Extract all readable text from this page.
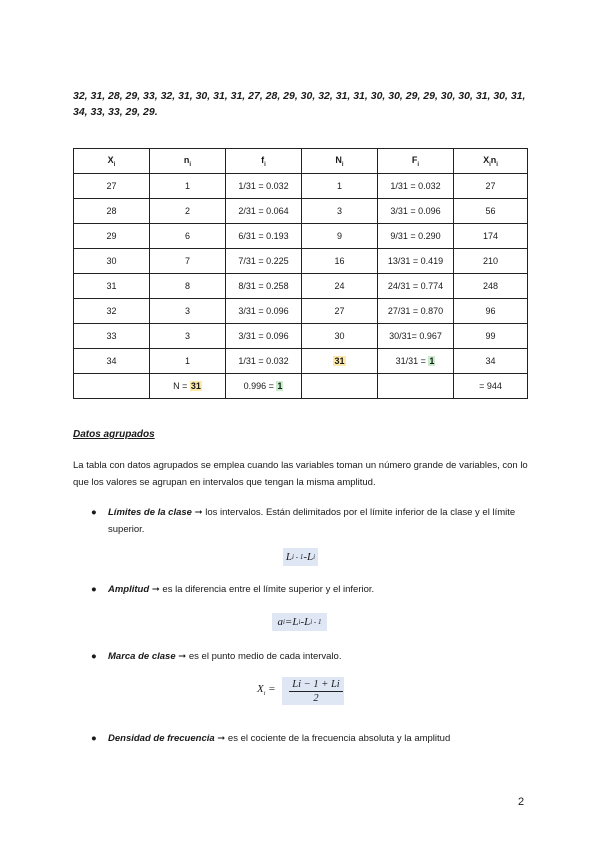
32, 31, 28, 29, 33, 32, 31, 30, 31, 31, 27, 28, 29, 30, 32, 31, 31, 30, 30, 29, 29, 30, 30, 31, 30, 31, 34, 33, 33, 29, 29.
$X_i$	$n_i$	$f_i$	$N_i$	$F_i$	$X_in_i$
27	1	1/31 = 0.032	1	1/31 = 0.032	27
28	2	2/31 = 0.064	3	3/31 = 0.096	56
29	6	6/31 = 0.193	9	9/31 = 0.290	174
30	7	7/31 = 0.225	16	13/31 = 0.419	210
31	8	8/31 = 0.258	24	24/31 = 0.774	248
32	3	3/31 = 0.096	27	27/31 = 0.870	96
33	3	3/31 = 0.096	30	30/31= 0.967	99
34	1	1/31 = 0.032	31	31/31 = 1	34
	N = 31	0.996 = 1			= 944
Datos agrupados
La tabla con datos agrupados se emplea cuando las variables toman un número grande de variables, con lo que los valores se agrupan en intervalos que tengan la misma amplitud.
● Límites de la clase ➞ los intervalos. Están delimitados por el límite inferior de la clase y el límite superior.
L i - 1 - L i
● Amplitud ➞ es la diferencia entre el límite superior y el inferior.
a i = L i - L i - 1
● Marca de clase ➞ es el punto medio de cada intervalo.
$X_i = \frac{Li - 1 + Li}{2}$
● Densidad de frecuencia ➞ es el cociente de la frecuencia absoluta y la amplitud
2
